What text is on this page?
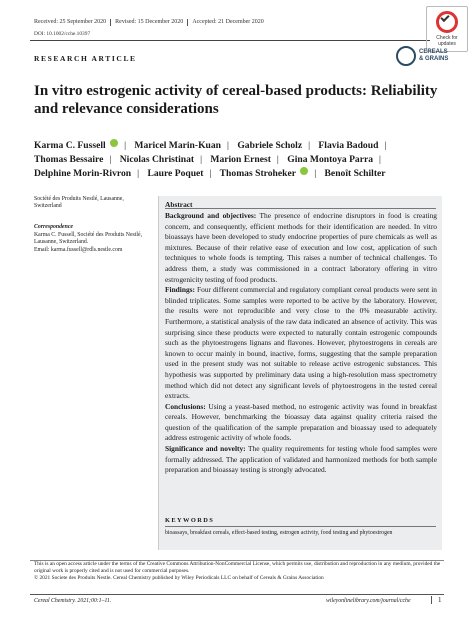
Received: 25 September 2020 Revised: 15 December 2020 Accepted: 21 December 2020
DOI: 10.1002/cche.10397
Check for updates
RESEARCH ARTICLE
CEREALS
& GRAINS
In vitro estrogenic activity of cereal-based products: Reliability and relevance considerations
Karma C. Fussell | Maricel Marin-Kuan | Gabriele Scholz | Flavia Badoud |
Thomas Bessaire | Nicolas Christinat | Marion Ernest | Gina Montoya Parra |
Delphine Morin-Rivron | Laure Poquet | Thomas Stroheker | Benoît Schilter
Société des Produits Nestlé, Lausanne, Switzerland
Correspondence
Karma C. Fussell, Société des Produits Nestlé, Lausanne, Switzerland.
Email: karma.fussell@rdls.nestle.com
Abstract
Background and objectives: The presence of endocrine disruptors in food is creating concern, and consequently, efficient methods for their identification are needed. In vitro bioassays have been developed to study endocrine properties of pure chemicals as well as mixtures. Because of their relative ease of execution and low cost, application of such techniques to whole foods is tempting. This raises a number of technical challenges. To address them, a study was commissioned in a contract laboratory offering in vitro estrogenicity testing of food products.
Findings: Four different commercial and regulatory compliant cereal products were sent in blinded triplicates. Some samples were reported to be active by the laboratory. However, the results were not reproducible and very close to the 0% measurable activity. Furthermore, a statistical analysis of the raw data indicated an absence of activity. This was surprising since these products were expected to naturally contain estrogenic compounds such as the phytoestrogens lignans and flavones. However, phytoestrogens in cereals are known to occur mainly in bound, inactive, forms, suggesting that the sample preparation used in the present study was not suitable to release active estrogenic substances. This hypothesis was supported by preliminary data using a high-resolution mass spectrometry method which did not detect any significant levels of phytoestrogens in the tested cereal extracts.
Conclusions: Using a yeast-based method, no estrogenic activity was found in breakfast cereals. However, benchmarking the bioassay data against quality criteria raised the question of the qualification of the sample preparation and bioassay used to adequately address estrogenic activity of whole foods.
Significance and novelty: The quality requirements for testing whole food samples were formally addressed. The application of validated and harmonized methods for both sample preparation and bioassay testing is strongly advocated.
KEYWORDS
bioassays, breakfast cereals, effect-based testing, estrogen activity, food testing and phytoestrogen
This is an open access article under the terms of the Creative Commons Attribution-NonCommercial License, which permits use, distribution and reproduction in any medium, provided the original work is properly cited and is not used for commercial purposes.
© 2021 Societe des Produits Nestle. Cereal Chemistry published by Wiley Periodicals LLC on behalf of Cereals & Grains Association
Cereal Chemistry. 2021;00:1–11.	wileyonlinelibrary.com/journal/cche	1
